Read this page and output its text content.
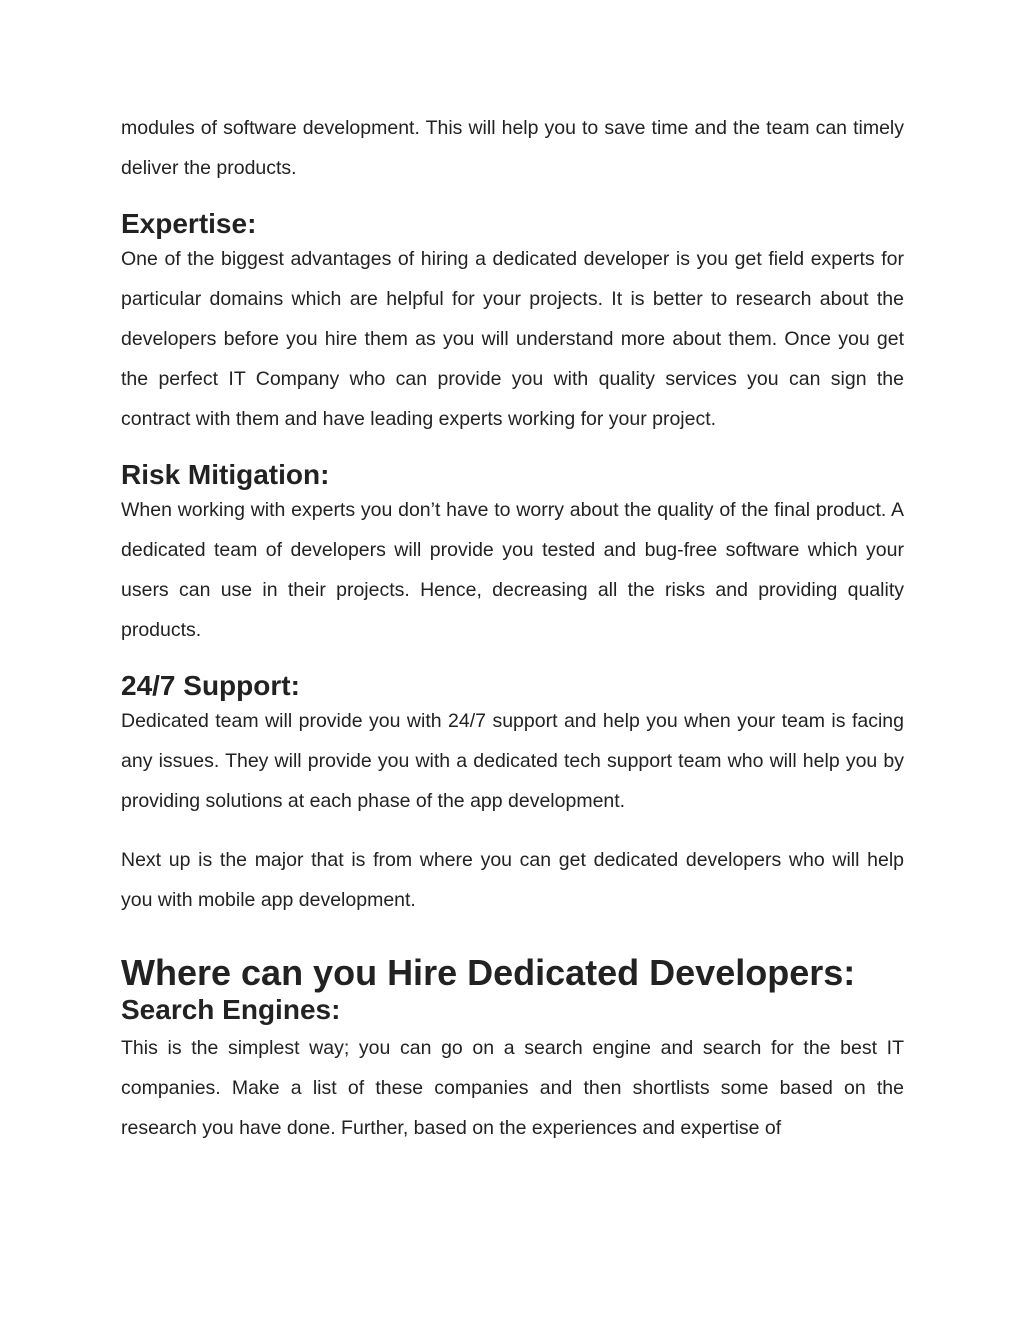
modules of software development. This will help you to save time and the team can timely deliver the products.

Expertise:

One of the biggest advantages of hiring a dedicated developer is you get field experts for particular domains which are helpful for your projects. It is better to research about the developers before you hire them as you will understand more about them. Once you get the perfect IT Company who can provide you with quality services you can sign the contract with them and have leading experts working for your project.

Risk Mitigation:

When working with experts you don’t have to worry about the quality of the final product. A dedicated team of developers will provide you tested and bug-free software which your users can use in their projects. Hence, decreasing all the risks and providing quality products.

24/7 Support:

Dedicated team will provide you with 24/7 support and help you when your team is facing any issues. They will provide you with a dedicated tech support team who will help you by providing solutions at each phase of the app development.

Next up is the major that is from where you can get dedicated developers who will help you with mobile app development.

Where can you Hire Dedicated Developers:
Search Engines:

This is the simplest way; you can go on a search engine and search for the best IT companies. Make a list of these companies and then shortlists some based on the research you have done. Further, based on the experiences and expertise of
